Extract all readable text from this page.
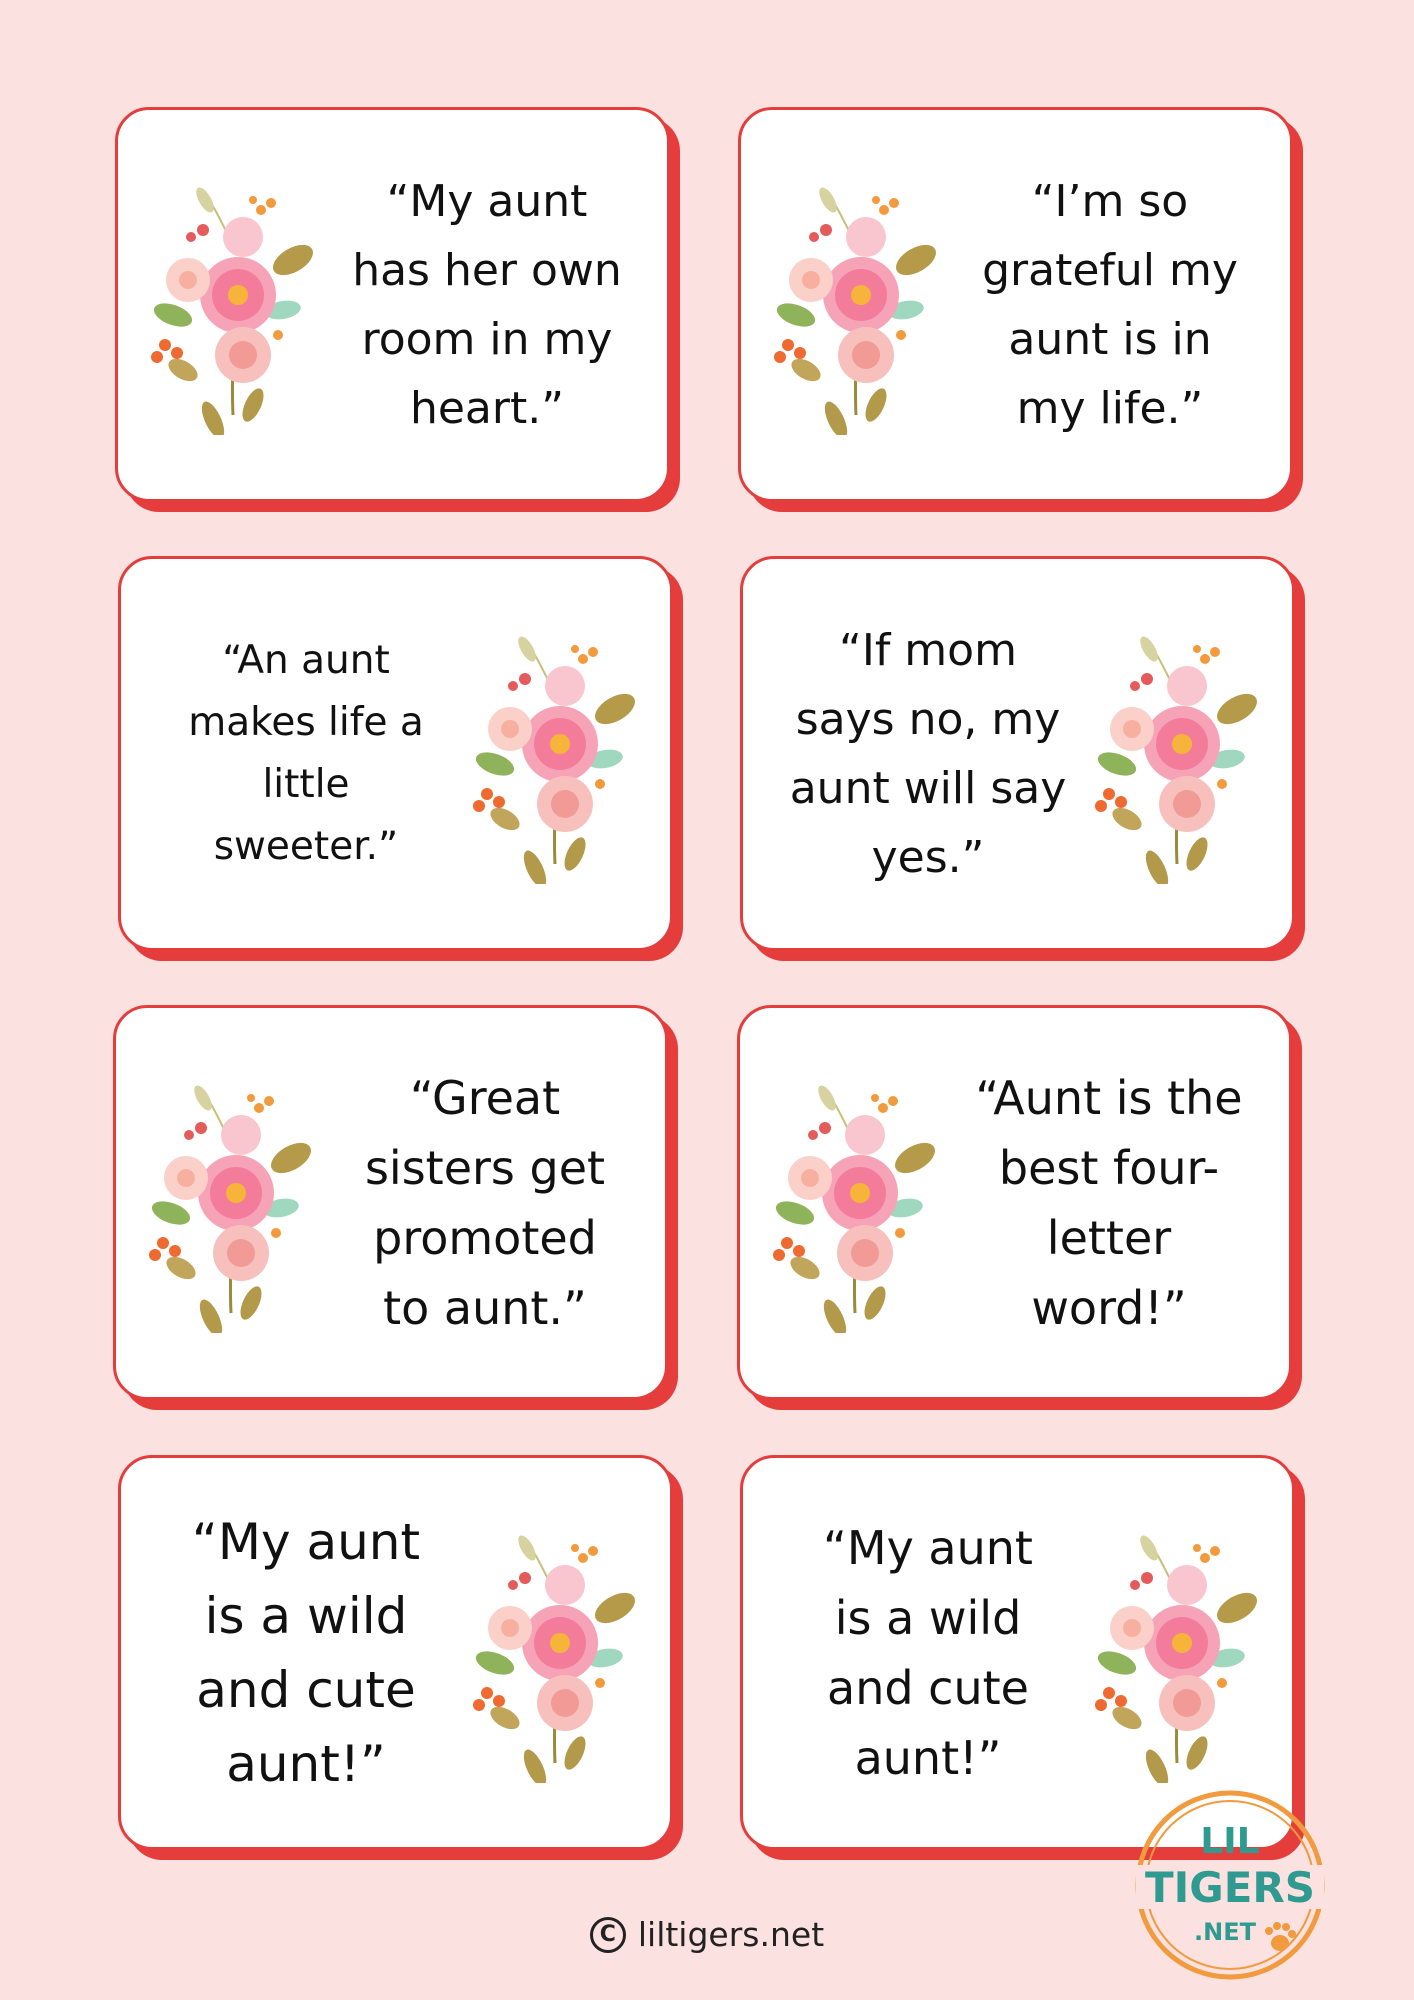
“My aunt
has her own
room in my
heart.”
“I’m so
grateful my
aunt is in
my life.”
“An aunt
makes life a
little
sweeter.”
“If mom
says no, my
aunt will say
yes.”
“Great
sisters get
promoted
to aunt.”
“Aunt is the
best four-
letter
word!”
“My aunt
is a wild
and cute
aunt!”
“My aunt
is a wild
and cute
aunt!”
C liltigers.net
LIL
TIGERS
.NET
